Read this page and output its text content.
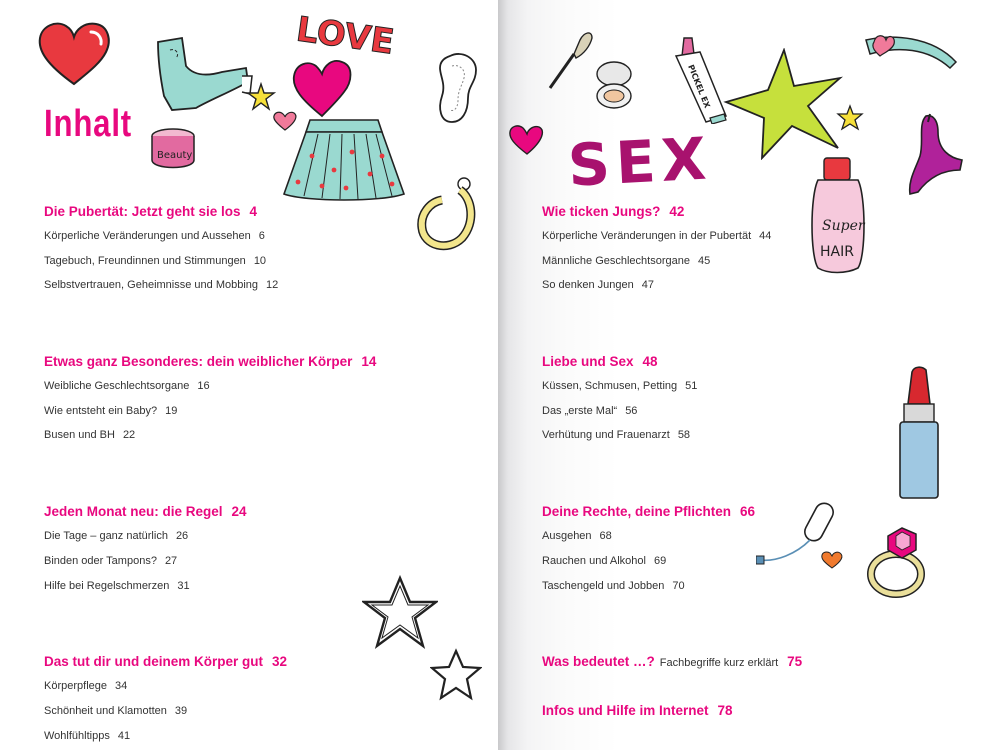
LOVE
Beauty
PICKEL EX
Super
HAIR
Inhalt
SEX
Die Pubertät: Jetzt geht sie los 4
Körperliche Veränderungen und Aussehen 6
Tagebuch, Freundinnen und Stimmungen 10
Selbstvertrauen, Geheimnisse und Mobbing 12
Etwas ganz Besonderes: dein weiblicher Körper 14
Weibliche Geschlechtsorgane 16
Wie entsteht ein Baby? 19
Busen und BH 22
Jeden Monat neu: die Regel 24
Die Tage – ganz natürlich 26
Binden oder Tampons? 27
Hilfe bei Regelschmerzen 31
Das tut dir und deinem Körper gut 32
Körperpflege 34
Schönheit und Klamotten 39
Wohlfühltipps 41
Wie ticken Jungs? 42
Körperliche Veränderungen in der Pubertät 44
Männliche Geschlechtsorgane 45
So denken Jungen 47
Liebe und Sex 48
Küssen, Schmusen, Petting 51
Das „erste Mal“ 56
Verhütung und Frauenarzt 58
Deine Rechte, deine Pflichten 66
Ausgehen 68
Rauchen und Alkohol 69
Taschengeld und Jobben 70
Was bedeutet …? Fachbegriffe kurz erklärt 75
Infos und Hilfe im Internet 78
